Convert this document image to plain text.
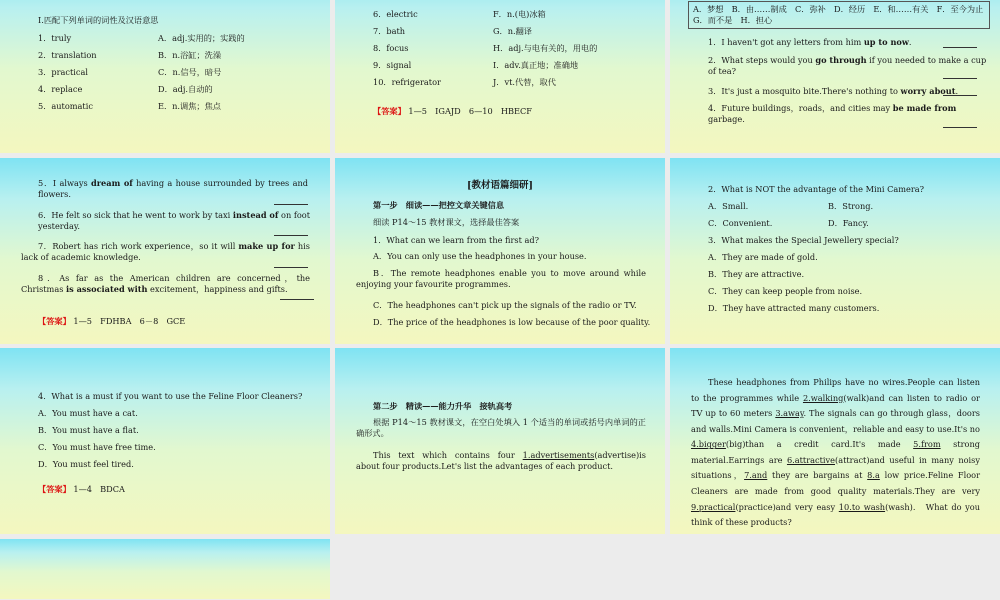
Ⅰ.匹配下列单词的词性及汉语意思
1．truly	A．adj.实用的；实践的
2．translation	B．n.浴缸；洗澡
3．practical	C．n.信号，暗号
4．replace	D．adj.自动的
5．automatic	E．n.调焦；焦点
6．electric	F．n.(电)冰箱
7．bath	G．n.翻译
8．focus	H．adj.与电有关的，用电的
9．signal	I．adv.真正地；准确地
10．refrigerator	J．vt.代替，取代
【答案】 1—5　IGAJD　6—10　HBECF
A．梦想　B．由……制成　C．弥补　D．经历　E．和……有关　F．至今为止　G．而不是　H．担心
1．I haven't got any letters from him up to now.
2．What steps would you go through if you needed to make a cup of tea?
3．It's just a mosquito bite.There's nothing to worry about.
4．Future buildings，roads，and cities may be made from garbage.
5．I always dream of having a house surrounded by trees and flowers.
6．He felt so sick that he went to work by taxi instead of on foot yesterday.
7．Robert has rich work experience，so it will make up for his lack of academic knowledge.
8．As far as the American children are concerned，the Christmas is associated with excitement，happiness and gifts.
【答案】 1—5　FDHBA　6－8　GCE
[教材语篇细研]
第一步　细读——把控文章关键信息
细读 P14～15 教材课文，选择最佳答案
1．What can we learn from the first ad?
A．You can only use the headphones in your house.
B．The remote headphones enable you to move around while enjoying your favourite programmes.
C．The headphones can't pick up the signals of the radio or TV.
D．The price of the headphones is low because of the poor quality.
2．What is NOT the advantage of the Mini Camera?
A．Small.	B．Strong.
C．Convenient.	D．Fancy.
3．What makes the Special Jewellery special?
A．They are made of gold.
B．They are attractive.
C．They can keep people from noise.
D．They have attracted many customers.
4．What is a must if you want to use the Feline Floor Cleaners?
A．You must have a cat.
B．You must have a flat.
C．You must have free time.
D．You must feel tired.
【答案】 1—4　BDCA
第二步　精读——能力升华　接轨高考
根据 P14～15 教材课文，在空白处填入 1 个适当的单词或括号内单词的正确形式。
This text which contains four 1.advertisements(advertise)is about four products.Let's list the advantages of each product.
These headphones from Philips have no wires.People can listen to the programmes while 2.walking(walk)and can listen to radio or TV up to 60 meters 3.away. The signals can go through glass，doors and walls.Mini Camera is convenient，reliable and easy to use.It's no 4.bigger(big)than a credit card.It's made 5.from strong material.Earrings are 6.attractive(attract)and useful in many noisy situations，7.and they are bargains at 8.a low price.Feline Floor Cleaners are made from good quality materials.They are very 9.practical(practice)and very easy 10.to wash(wash).　What do you think of these products?
